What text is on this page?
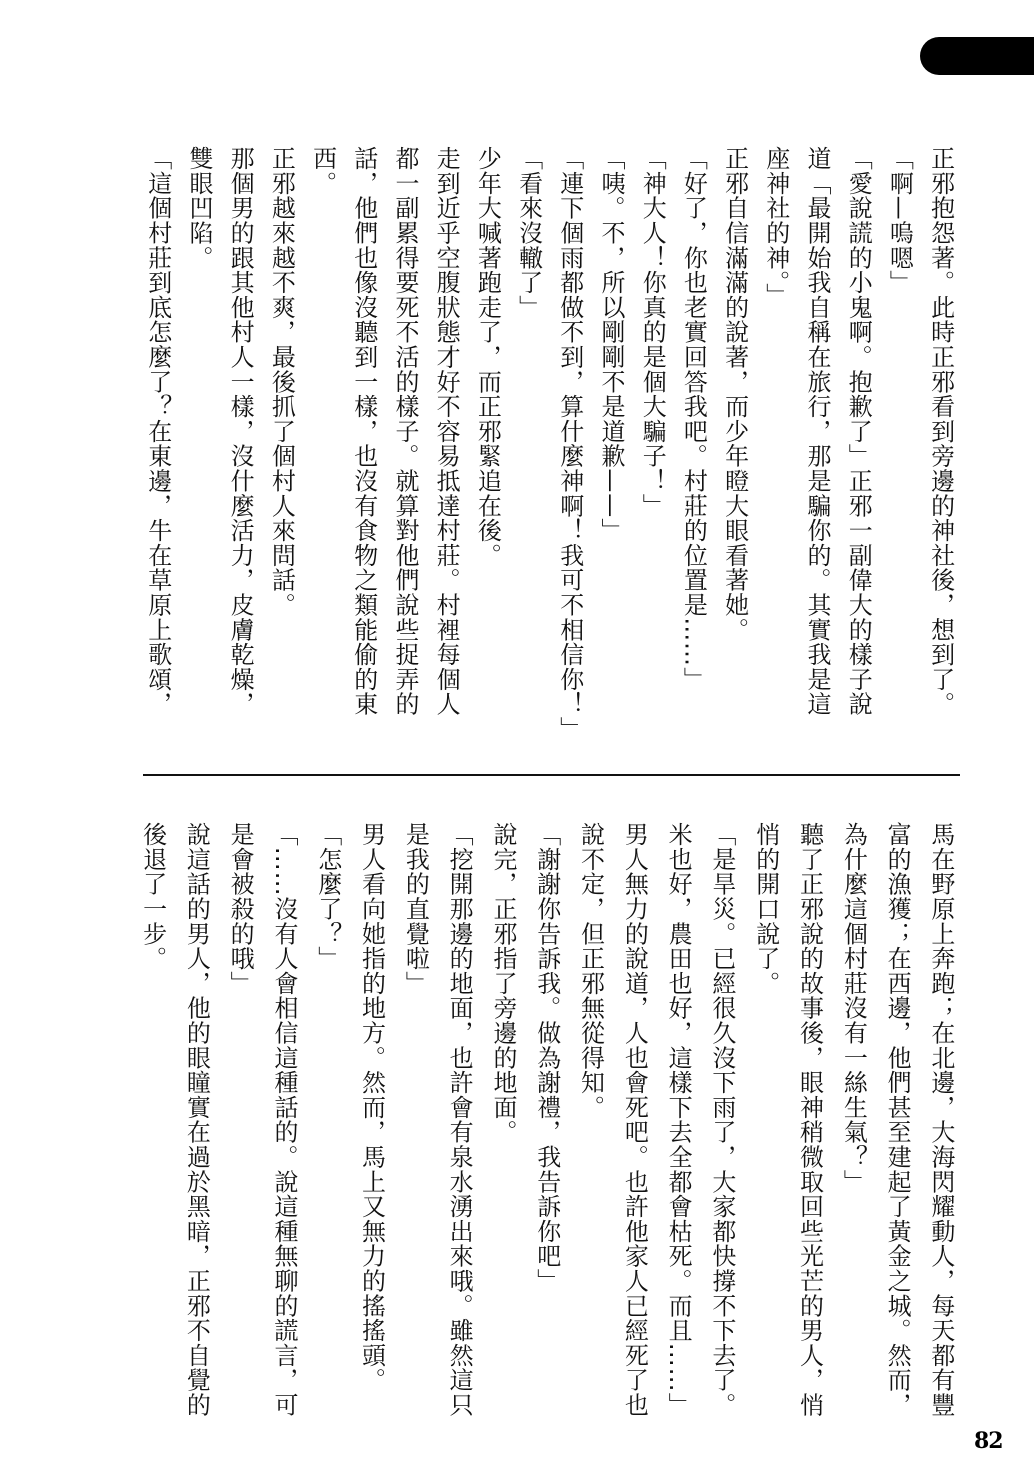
正邪抱怨著。此時正邪看到旁邊的神社後，想到了。
「啊—嗚嗯」
「愛說謊的小鬼啊。抱歉了」正邪一副偉大的樣子說
道「最開始我自稱在旅行，那是騙你的。其實我是這
座神社的神。」
正邪自信滿滿的說著，而少年瞪大眼看著她。
「好了，你也老實回答我吧。村莊的位置是……」
「神大人！你真的是個大騙子！」
「咦。不，所以剛剛不是道歉——」
「連下個雨都做不到，算什麼神啊！我可不相信你！」
「看來沒轍了」
少年大喊著跑走了，而正邪緊追在後。
走到近乎空腹狀態才好不容易抵達村莊。村裡每個人
都一副累得要死不活的樣子。就算對他們說些捉弄的
話，他們也像沒聽到一樣，也沒有食物之類能偷的東
西。
正邪越來越不爽，最後抓了個村人來問話。
那個男的跟其他村人一樣，沒什麼活力，皮膚乾燥，
雙眼凹陷。
「這個村莊到底怎麼了？在東邊，牛在草原上歌頌，
馬在野原上奔跑；在北邊，大海閃耀動人，每天都有豐
富的漁獲；在西邊，他們甚至建起了黃金之城。然而，
為什麼這個村莊沒有一絲生氣？」
聽了正邪說的故事後，眼神稍微取回些光芒的男人，悄
悄的開口說了。
「是旱災。已經很久沒下雨了，大家都快撐不下去了。
米也好，農田也好，這樣下去全都會枯死。而且……」
男人無力的說道，人也會死吧。也許他家人已經死了也
說不定，但正邪無從得知。
「謝謝你告訴我。做為謝禮，我告訴你吧」
說完，正邪指了旁邊的地面。
「挖開那邊的地面，也許會有泉水湧出來哦。雖然這只
是我的直覺啦」
男人看向她指的地方。然而，馬上又無力的搖搖頭。
「怎麼了？」
「……沒有人會相信這種話的。說這種無聊的謊言，可
是會被殺的哦」
說這話的男人，他的眼瞳實在過於黑暗，正邪不自覺的
後退了一步。
82
